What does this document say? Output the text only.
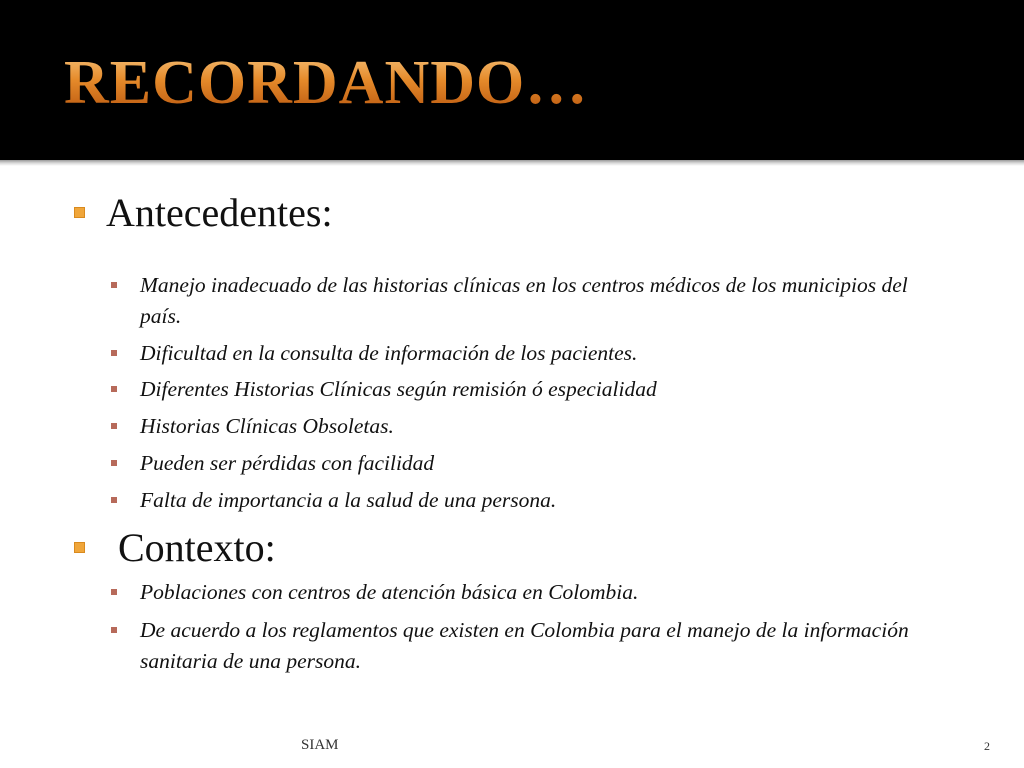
RECORDANDO…
Antecedentes:
Manejo inadecuado de las historias clínicas en los centros médicos de los municipios del país.
Dificultad en la consulta de información de los pacientes.
Diferentes Historias Clínicas según remisión ó especialidad
Historias Clínicas Obsoletas.
Pueden ser pérdidas con facilidad
Falta de importancia a la salud de una persona.
Contexto:
Poblaciones con centros de atención básica en Colombia.
De acuerdo a los reglamentos que existen en Colombia para el manejo de la información sanitaria de una persona.
SIAM	2
